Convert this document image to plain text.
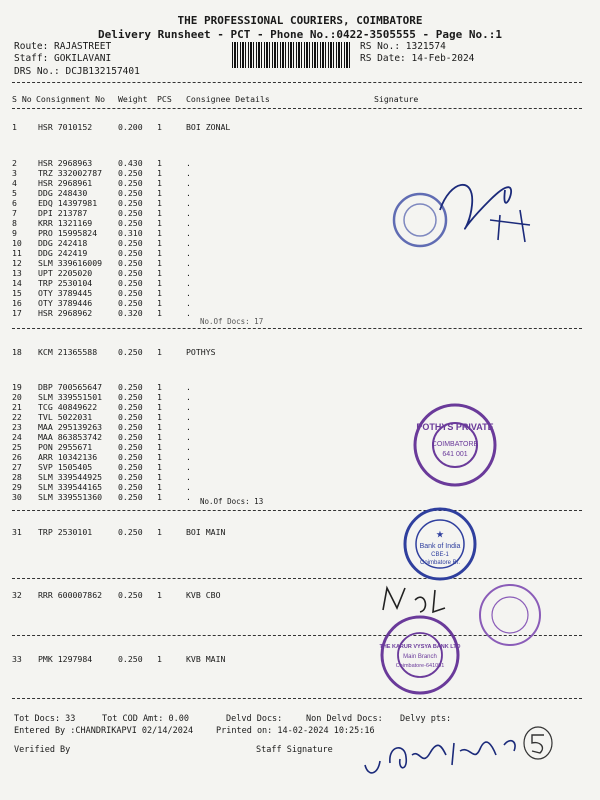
THE PROFESSIONAL COURIERS, COIMBATORE
Delivery Runsheet - PCT - Phone No.:0422-3505555 - Page No.:1
Route: RAJASTREET
Staff: GOKILAVANI
DRS No.: DCJB132157401
RS No.: 1321574
RS Date: 14-Feb-2024
S No Consignment No	Weight	PCS	Consignee Details	Signature
1	HSR 7010152	0.200	1	BOI ZONAL
2	HSR 2968963	0.430	1	.
3	TRZ 332002787	0.250	1	.
4	HSR 2968961	0.250	1	.
5	DDG 248430	0.250	1	.
6	EDQ 14397981	0.250	1	.
7	DPI 213787	0.250	1	.
8	KRR 1321169	0.250	1	.
9	PRO 15995824	0.310	1	.
10	DDG 242418	0.250	1	.
11	DDG 242419	0.250	1	.
12	SLM 339616009	0.250	1	.
13	UPT 2205020	0.250	1	.
14	TRP 2530104	0.250	1	.
15	OTY 3789445	0.250	1	.
16	OTY 3789446	0.250	1	.
17	HSR 2968962	0.320	1	.
18	KCM 21365588	0.250	1	POTHYS
19	DBP 700565647	0.250	1	.
20	SLM 339551501	0.250	1	.
21	TCG 40849622	0.250	1	.
22	TVL 5022031	0.250	1	.
23	MAA 295139263	0.250	1	.
24	MAA 863853742	0.250	1	.
25	PON 2955671	0.250	1	.
26	ARR 10342136	0.250	1	.
27	SVP 1505405	0.250	1	.
28	SLM 339544925	0.250	1	.
29	SLM 339544165	0.250	1	.
30	SLM 339551360	0.250	1	.
31	TRP 2530101	0.250	1	BOI MAIN
32	RRR 600007862	0.250	1	KVB CBO
33	PMK 1297984	0.250	1	KVB MAIN
No.Of Docs: 17
No.Of Docs: 13
POTHYS PRIVATE
COIMBATORE
641 001
★
Bank of India
CBE-1
Coimbatore Br.
THE KARUR VYSYA BANK LTD
Main Branch
Coimbatore-641001
Tot Docs: 33	Tot COD Amt: 0.00	Delvd Docs:	Non Delvd Docs: Delvy pts:
Entered By :CHANDRIKAPVI 02/14/2024	Printed on: 14-02-2024 10:25:16
Verified By	Staff Signature
